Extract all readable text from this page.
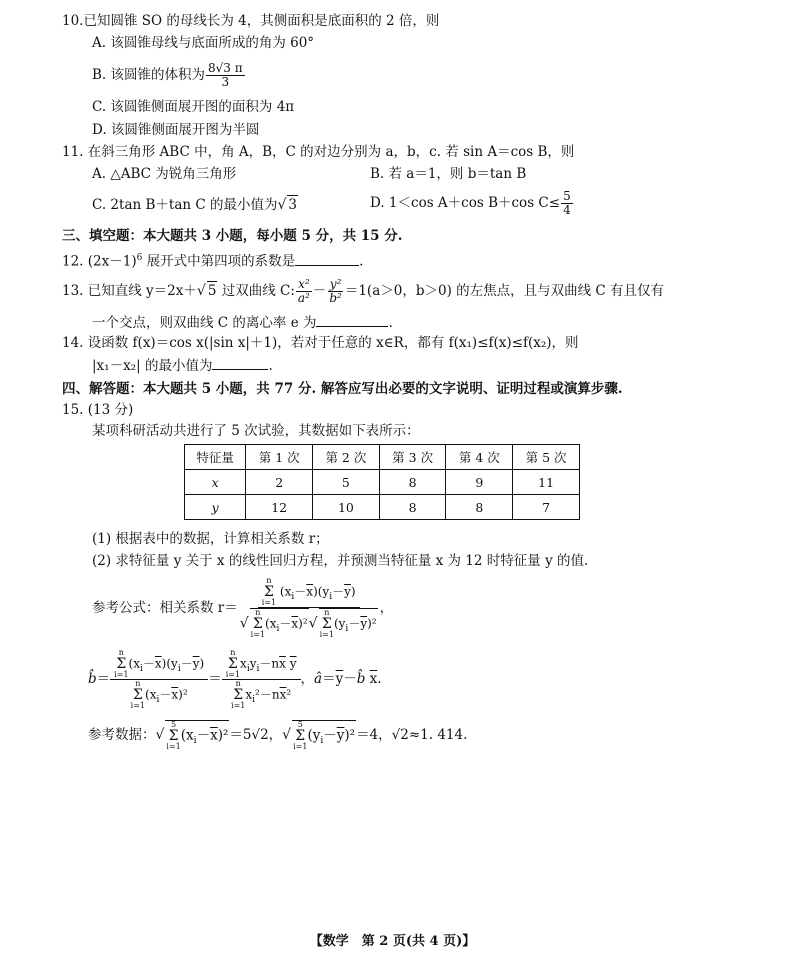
10.已知圆锥 SO 的母线长为 4，其侧面积是底面积的 2 倍，则
A. 该圆锥母线与底面所成的角为 60°
B. 该圆锥的体积为 $\frac{8√3 \pi}{3}$
C. 该圆锥侧面展开图的面积为 4π
D. 该圆锥侧面展开图为半圆
11. 在斜三角形 ABC 中，角 A，B，C 的对边分别为 a，b，c. 若 sin A＝cos B，则
A. △ABC 为锐角三角形	B. 若 a＝1，则 b＝tan B
C. 2tan B＋tan C 的最小值为√ 3	D. 1＜cos A＋cos B＋cos $C\le \frac{5}{4}$
三、填空题：本大题共 3 小题，每小题 5 分，共 15 分.
12. $(2x-1)^6$ 展开式中第四项的系数是	.
13. 已知直线 y＝2x＋√ 5 过双曲线 C: $\frac{\text{x²}}{\text{a²}} - \frac{\text{y²}}{\text{b²}} =1(a>0$，b＞0) 的左焦点，且与双曲线 C 有且仅有
一个交点，则双曲线 C 的离心率 e 为	.
14. 设函数 f(x)＝cos x(|sin x|＋1)，若对于任意的 x∈R，都有 f(x₁)≤f(x)≤f(x₂)，则
|x₁－x₂| 的最小值为	.
四、解答题：本大题共 5 小题，共 77 分. 解答应写出必要的文字说明、证明过程或演算步骤.
15. (13 分)
某项科研活动共进行了 5 次试验，其数据如下表所示：
特征量	第 1 次	第 2 次	第 3 次	第 4 次	第 5 次
x	2	5	8	9	11
y	12	10	8	8	7
(1) 根据表中的数据，计算相关系数 r；
(2) 求特征量 y 关于 x 的线性回归方程，并预测当特征量 x 为 12 时特征量 y 的值.
参考公式：相关系数 r＝
n
Σ
i=1
$(x_i-\overline{x})(y_i-\overline{y})$
√
n
Σ
i=1
$(x_i-\overline{x})^2√$
n
Σ
i=1
$(y_i-\overline{y})^2$
，
b̂ ＝
n
Σ
i=1
$(x_i-\overline{x})(y_i-\overline{y})$
n
Σ
i=1
$(x_i-\overline{x})^2$
＝
n
Σ
i=1
$x_iy_i-n\overline{x}$ $\overline{y}$
n
Σ
i=1
$x_i^2-n\overline{x}^2$
，$â=\overline{y}-b̂$ $\overline{x}$.
参考数据： √
5
Σ
i=1
$(x_i-\overline{x})^2 =5√2$， √
5
Σ
i=1
$(y_i-\overline{y})^2 =4$，√2≈1. 414.
【数学　第 2 页(共 4 页)】
